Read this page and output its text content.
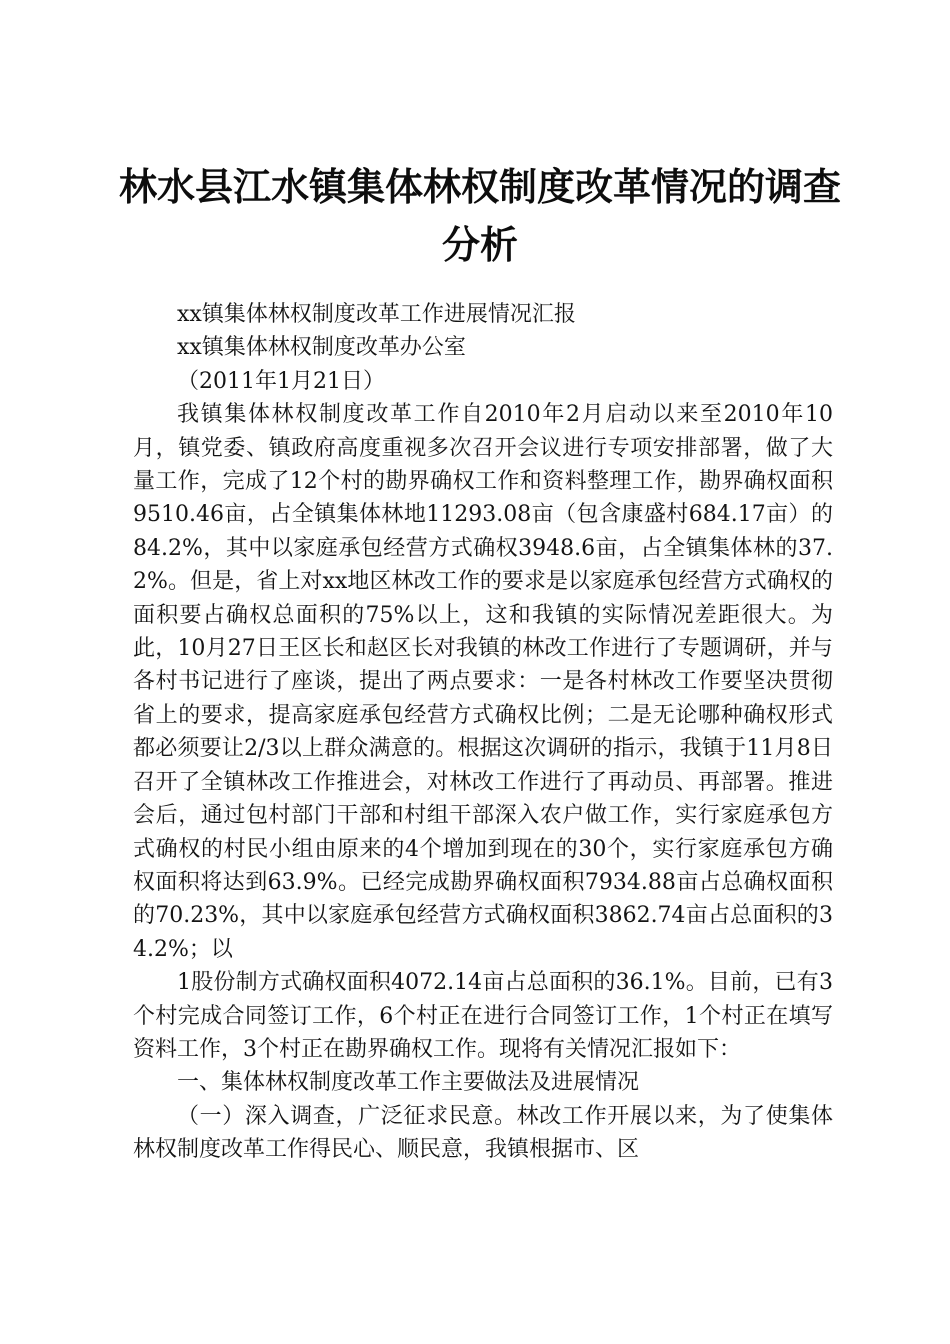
林水县江水镇集体林权制度改革情况的调查分析

xx镇集体林权制度改革工作进展情况汇报

xx镇集体林权制度改革办公室

（2011年1月21日）

我镇集体林权制度改革工作自2010年2月启动以来至2010年10月，镇党委、镇政府高度重视多次召开会议进行专项安排部署，做了大量工作，完成了12个村的勘界确权工作和资料整理工作，勘界确权面积9510.46亩，占全镇集体林地11293.08亩（包含康盛村684.17亩）的84.2%，其中以家庭承包经营方式确权3948.6亩，占全镇集体林的37.2%。但是，省上对xx地区林改工作的要求是以家庭承包经营方式确权的面积要占确权总面积的75%以上，这和我镇的实际情况差距很大。为此，10月27日王区长和赵区长对我镇的林改工作进行了专题调研，并与各村书记进行了座谈，提出了两点要求：一是各村林改工作要坚决贯彻省上的要求，提高家庭承包经营方式确权比例；二是无论哪种确权形式都必须要让2/3以上群众满意的。根据这次调研的指示，我镇于11月8日召开了全镇林改工作推进会，对林改工作进行了再动员、再部署。推进会后，通过包村部门干部和村组干部深入农户做工作，实行家庭承包方式确权的村民小组由原来的4个增加到现在的30个，实行家庭承包方确权面积将达到63.9%。已经完成勘界确权面积7934.88亩占总确权面积的70.23%，其中以家庭承包经营方式确权面积3862.74亩占总面积的34.2%；以

1股份制方式确权面积4072.14亩占总面积的36.1%。目前，已有3个村完成合同签订工作，6个村正在进行合同签订工作，1个村正在填写资料工作，3个村正在勘界确权工作。现将有关情况汇报如下：

一、集体林权制度改革工作主要做法及进展情况

（一）深入调查，广泛征求民意。林改工作开展以来，为了使集体林权制度改革工作得民心、顺民意，我镇根据市、区
